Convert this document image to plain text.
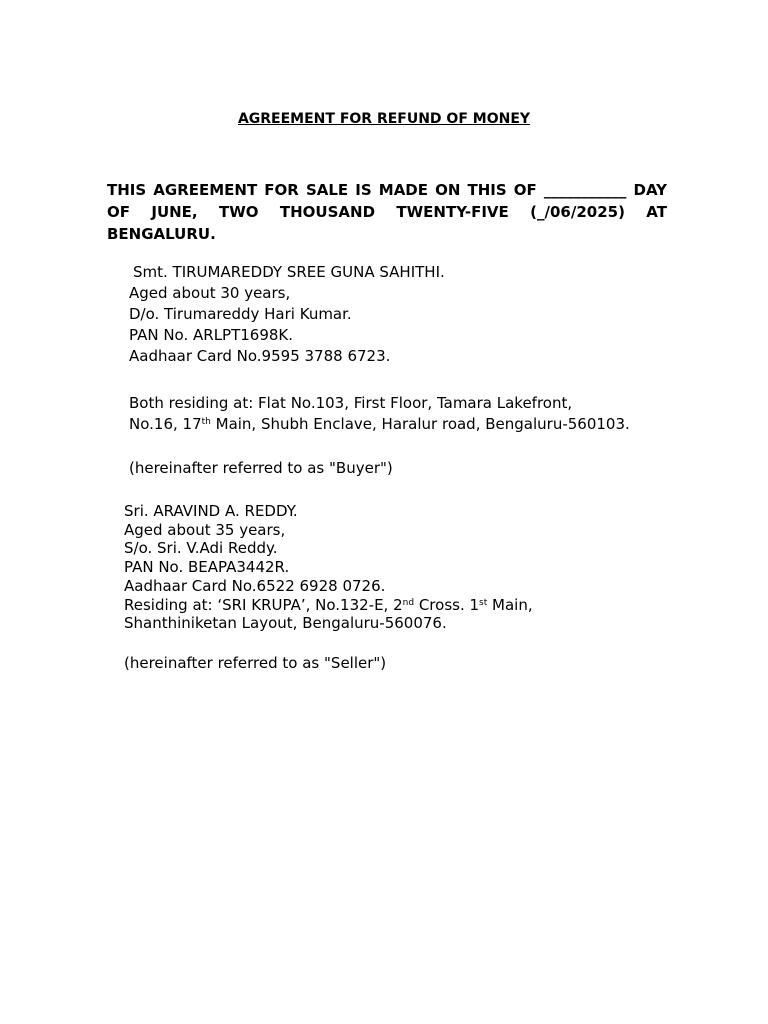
AGREEMENT FOR REFUND OF MONEY
THIS AGREEMENT FOR SALE IS MADE ON THIS OF ___________ DAY OF JUNE, TWO THOUSAND TWENTY-FIVE (_/06/2025) AT BENGALURU.
Smt. TIRUMAREDDY SREE GUNA SAHITHI.
Aged about 30 years,
D/o. Tirumareddy Hari Kumar.
PAN No. ARLPT1698K.
Aadhaar Card No.9595 3788 6723.
Both residing at: Flat No.103, First Floor, Tamara Lakefront,
No.16, 17th Main, Shubh Enclave, Haralur road, Bengaluru-560103.
(hereinafter referred to as "Buyer")
Sri. ARAVIND A. REDDY.
Aged about 35 years,
S/o. Sri. V.Adi Reddy.
PAN No. BEAPA3442R.
Aadhaar Card No.6522 6928 0726.
Residing at: ‘SRI KRUPA’, No.132-E, 2nd Cross. 1st Main,
Shanthiniketan Layout, Bengaluru-560076.
(hereinafter referred to as "Seller")
